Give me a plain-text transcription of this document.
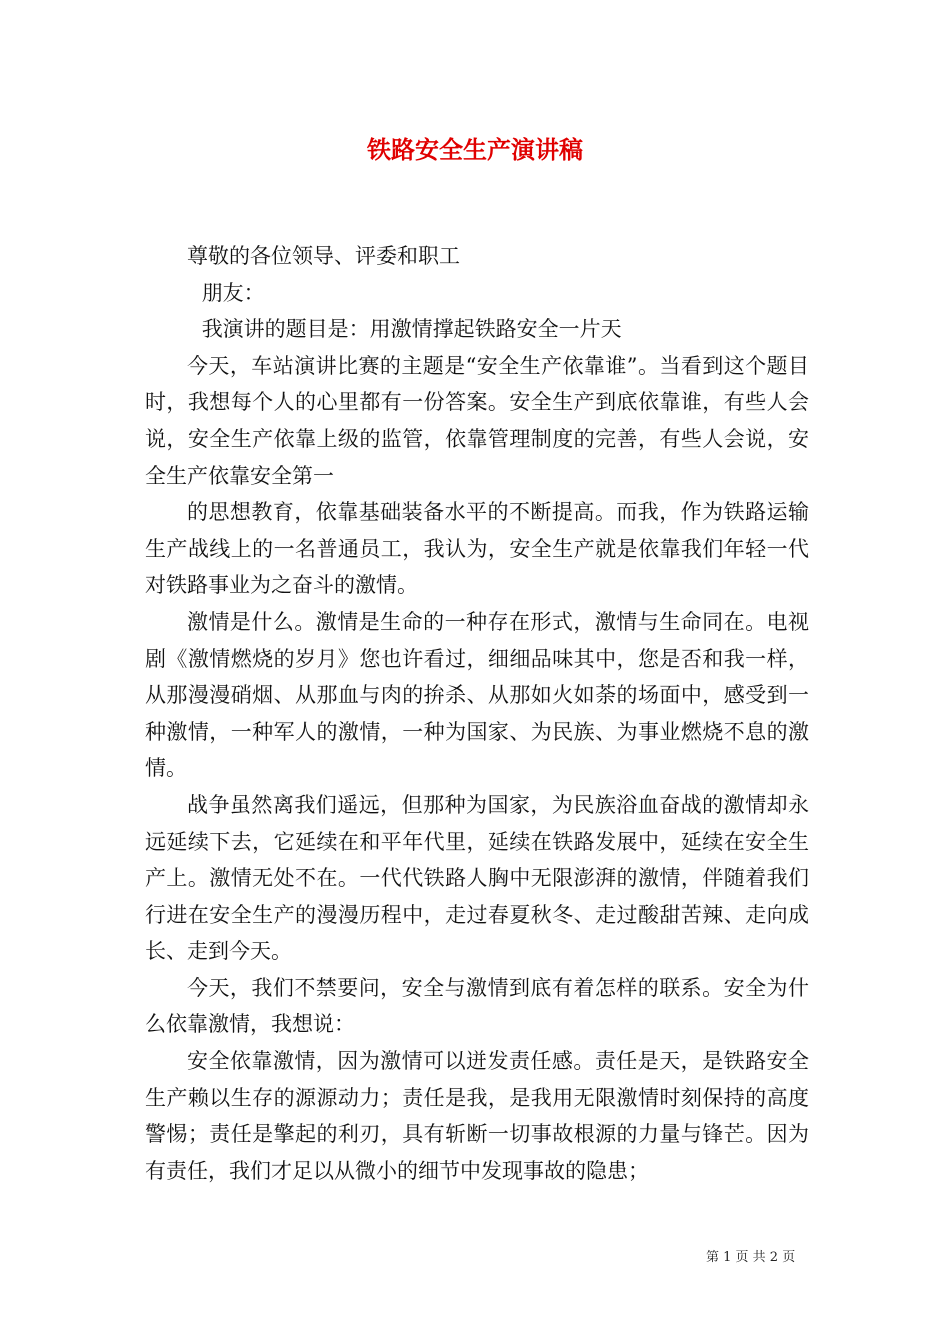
铁路安全生产演讲稿

尊敬的各位领导、评委和职工

朋友：

我演讲的题目是：用激情撑起铁路安全一片天

今天，车站演讲比赛的主题是“安全生产依靠谁”。当看到这个题目时，我想每个人的心里都有一份答案。安全生产到底依靠谁，有些人会说，安全生产依靠上级的监管，依靠管理制度的完善，有些人会说，安全生产依靠安全第一

的思想教育，依靠基础装备水平的不断提高。而我，作为铁路运输生产战线上的一名普通员工，我认为，安全生产就是依靠我们年轻一代对铁路事业为之奋斗的激情。

激情是什么。激情是生命的一种存在形式，激情与生命同在。电视剧《激情燃烧的岁月》您也许看过，细细品味其中，您是否和我一样，从那漫漫硝烟、从那血与肉的拚杀、从那如火如荼的场面中，感受到一种激情，一种军人的激情，一种为国家、为民族、为事业燃烧不息的激情。

战争虽然离我们遥远，但那种为国家，为民族浴血奋战的激情却永远延续下去，它延续在和平年代里，延续在铁路发展中，延续在安全生产上。激情无处不在。一代代铁路人胸中无限澎湃的激情，伴随着我们行进在安全生产的漫漫历程中，走过春夏秋冬、走过酸甜苦辣、走向成长、走到今天。

今天，我们不禁要问，安全与激情到底有着怎样的联系。安全为什么依靠激情，我想说：

安全依靠激情，因为激情可以迸发责任感。责任是天，是铁路安全生产赖以生存的源源动力；责任是我，是我用无限激情时刻保持的高度警惕；责任是擎起的利刃，具有斩断一切事故根源的力量与锋芒。因为有责任，我们才足以从微小的细节中发现事故的隐患；

第 1 页 共 2 页
